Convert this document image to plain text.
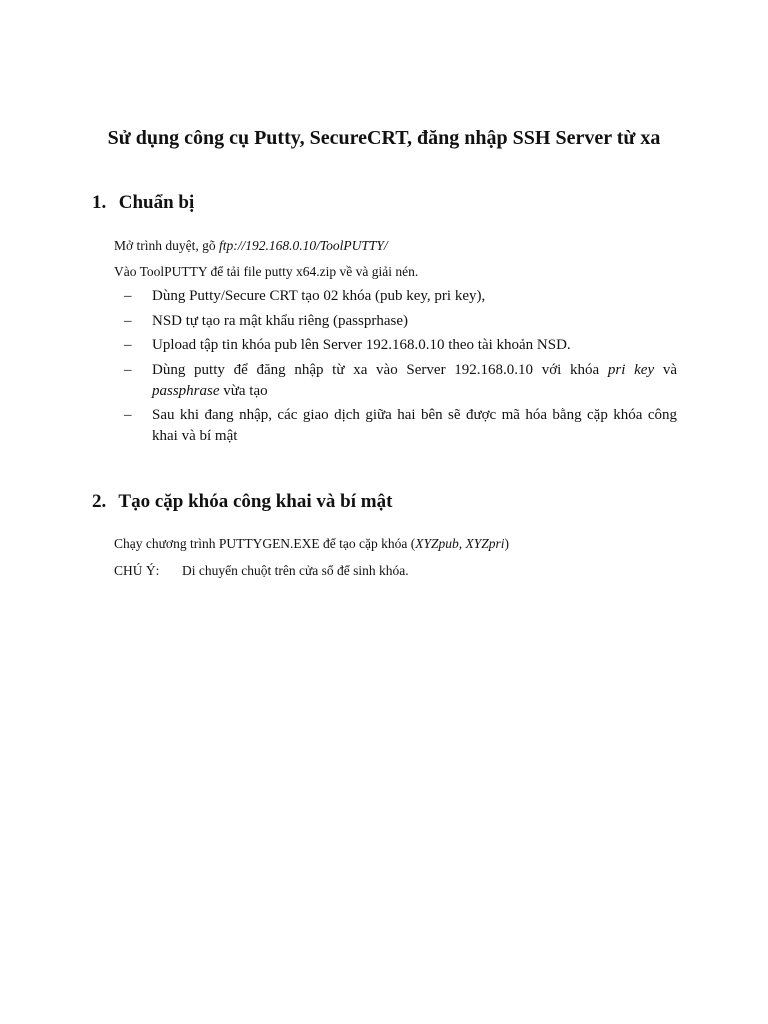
Sử dụng công cụ Putty, SecureCRT, đăng nhập SSH Server từ xa
1. Chuẩn bị
Mở trình duyệt, gõ ftp://192.168.0.10/ToolPUTTY/
Vào ToolPUTTY để tải file putty x64.zip về và giải nén.
– Dùng Putty/Secure CRT tạo 02 khóa (pub key, pri key),
– NSD tự tạo ra mật khẩu riêng (passprhase)
– Upload tập tin khóa pub lên Server 192.168.0.10 theo tài khoản NSD.
– Dùng putty để đăng nhập từ xa vào Server 192.168.0.10 với khóa pri key và passphrase vừa tạo
– Sau khi đang nhập, các giao dịch giữa hai bên sẽ được mã hóa bằng cặp khóa công khai và bí mật
2. Tạo cặp khóa công khai và bí mật
Chạy chương trình PUTTYGEN.EXE để tạo cặp khóa (XYZpub, XYZpri)
CHÚ Ý: Di chuyển chuột trên cửa sổ để sinh khóa.
